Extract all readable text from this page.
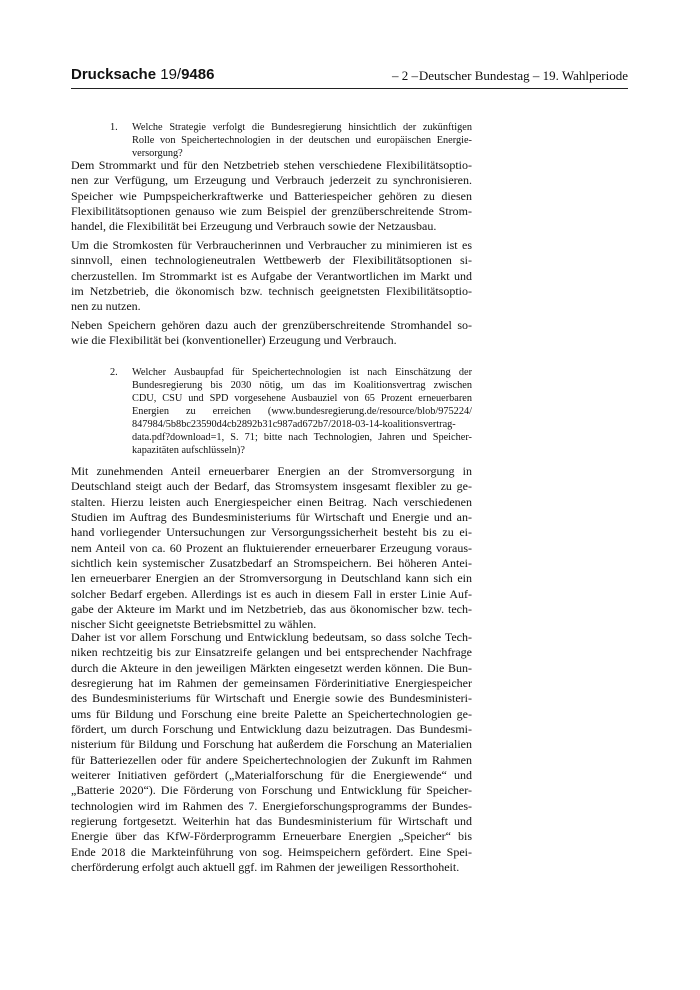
Drucksache 19/9486	– 2 – Deutscher Bundestag – 19. Wahlperiode
1. Welche Strategie verfolgt die Bundesregierung hinsichtlich der zukünftigen
Rolle von Speichertechnologien in der deutschen und europäischen Energie-
versorgung?
Dem Strommarkt und für den Netzbetrieb stehen verschiedene Flexibilitätsoptio-
nen zur Verfügung, um Erzeugung und Verbrauch jederzeit zu synchronisieren.
Speicher wie Pumpspeicherkraftwerke und Batteriespeicher gehören zu diesen
Flexibilitätsoptionen genauso wie zum Beispiel der grenzüberschreitende Strom-
handel, die Flexibilität bei Erzeugung und Verbrauch sowie der Netzausbau.
Um die Stromkosten für Verbraucherinnen und Verbraucher zu minimieren ist es
sinnvoll, einen technologieneutralen Wettbewerb der Flexibilitätsoptionen si-
cherzustellen. Im Strommarkt ist es Aufgabe der Verantwortlichen im Markt und
im Netzbetrieb, die ökonomisch bzw. technisch geeignetsten Flexibilitätsoptio-
nen zu nutzen.
Neben Speichern gehören dazu auch der grenzüberschreitende Stromhandel so-
wie die Flexibilität bei (konventioneller) Erzeugung und Verbrauch.
2. Welcher Ausbaupfad für Speichertechnologien ist nach Einschätzung der
Bundesregierung bis 2030 nötig, um das im Koalitionsvertrag zwischen
CDU, CSU und SPD vorgesehene Ausbauziel von 65 Prozent erneuerbaren
Energien zu erreichen (www.bundesregierung.de/resource/blob/975224/
847984/5b8bc23590d4cb2892b31c987ad672b7/2018-03-14-koalitionsvertrag-
data.pdf?download=1, S. 71; bitte nach Technologien, Jahren und Speicher-
kapazitäten aufschlüsseln)?
Mit zunehmenden Anteil erneuerbarer Energien an der Stromversorgung in
Deutschland steigt auch der Bedarf, das Stromsystem insgesamt flexibler zu ge-
stalten. Hierzu leisten auch Energiespeicher einen Beitrag. Nach verschiedenen
Studien im Auftrag des Bundesministeriums für Wirtschaft und Energie und an-
hand vorliegender Untersuchungen zur Versorgungssicherheit besteht bis zu ei-
nem Anteil von ca. 60 Prozent an fluktuierender erneuerbarer Erzeugung voraus-
sichtlich kein systemischer Zusatzbedarf an Stromspeichern. Bei höheren Antei-
len erneuerbarer Energien an der Stromversorgung in Deutschland kann sich ein
solcher Bedarf ergeben. Allerdings ist es auch in diesem Fall in erster Linie Auf-
gabe der Akteure im Markt und im Netzbetrieb, das aus ökonomischer bzw. tech-
nischer Sicht geeignetste Betriebsmittel zu wählen.
Daher ist vor allem Forschung und Entwicklung bedeutsam, so dass solche Tech-
niken rechtzeitig bis zur Einsatzreife gelangen und bei entsprechender Nachfrage
durch die Akteure in den jeweiligen Märkten eingesetzt werden können. Die Bun-
desregierung hat im Rahmen der gemeinsamen Förderinitiative Energiespeicher
des Bundesministeriums für Wirtschaft und Energie sowie des Bundesministeri-
ums für Bildung und Forschung eine breite Palette an Speichertechnologien ge-
fördert, um durch Forschung und Entwicklung dazu beizutragen. Das Bundesmi-
nisterium für Bildung und Forschung hat außerdem die Forschung an Materialien
für Batteriezellen oder für andere Speichertechnologien der Zukunft im Rahmen
weiterer Initiativen gefördert („Materialforschung für die Energiewende“ und
„Batterie 2020“). Die Förderung von Forschung und Entwicklung für Speicher-
technologien wird im Rahmen des 7. Energieforschungsprogramms der Bundes-
regierung fortgesetzt. Weiterhin hat das Bundesministerium für Wirtschaft und
Energie über das KfW-Förderprogramm Erneuerbare Energien „Speicher“ bis
Ende 2018 die Markteinführung von sog. Heimspeichern gefördert. Eine Spei-
cherförderung erfolgt auch aktuell ggf. im Rahmen der jeweiligen Ressorthoheit.
